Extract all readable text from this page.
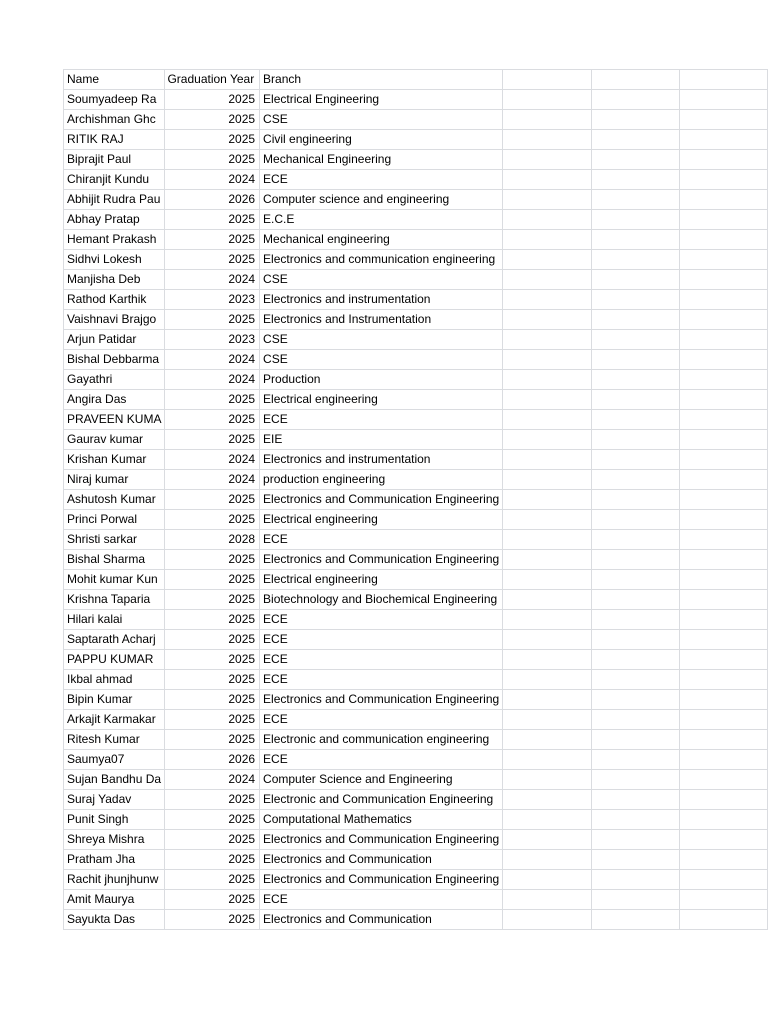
Name	Graduation Year	Branch			
Soumyadeep Ra	2025	Electrical Engineering			
Archishman Ghc	2025	CSE			
RITIK RAJ	2025	Civil engineering			
Biprajit Paul	2025	Mechanical Engineering			
Chiranjit Kundu	2024	ECE			
Abhijit Rudra Pau	2026	Computer science and engineering			
Abhay Pratap	2025	E.C.E			
Hemant Prakash	2025	Mechanical engineering			
Sidhvi Lokesh	2025	Electronics and communication engineering			
Manjisha Deb	2024	CSE			
Rathod Karthik	2023	Electronics and instrumentation			
Vaishnavi Brajgo	2025	Electronics and Instrumentation			
Arjun Patidar	2023	CSE			
Bishal Debbarma	2024	CSE			
Gayathri	2024	Production			
Angira Das	2025	Electrical engineering			
PRAVEEN KUMA	2025	ECE			
Gaurav kumar	2025	EIE			
Krishan Kumar	2024	Electronics and instrumentation			
Niraj kumar	2024	production engineering			
Ashutosh Kumar	2025	Electronics and Communication Engineering			
Princi Porwal	2025	Electrical engineering			
Shristi sarkar	2028	ECE			
Bishal Sharma	2025	Electronics and Communication Engineering			
Mohit kumar Kun	2025	Electrical engineering			
Krishna Taparia	2025	Biotechnology and Biochemical Engineering			
Hilari kalai	2025	ECE			
Saptarath Acharj	2025	ECE			
PAPPU KUMAR	2025	ECE			
Ikbal ahmad	2025	ECE			
Bipin Kumar	2025	Electronics and Communication Engineering			
Arkajit Karmakar	2025	ECE			
Ritesh Kumar	2025	Electronic and communication engineering			
Saumya07	2026	ECE			
Sujan Bandhu Da	2024	Computer Science and Engineering			
Suraj Yadav	2025	Electronic and Communication Engineering			
Punit Singh	2025	Computational Mathematics			
Shreya Mishra	2025	Electronics and Communication Engineering			
Pratham Jha	2025	Electronics and Communication			
Rachit jhunjhunw	2025	Electronics and Communication Engineering			
Amit Maurya	2025	ECE			
Sayukta Das	2025	Electronics and Communication			
